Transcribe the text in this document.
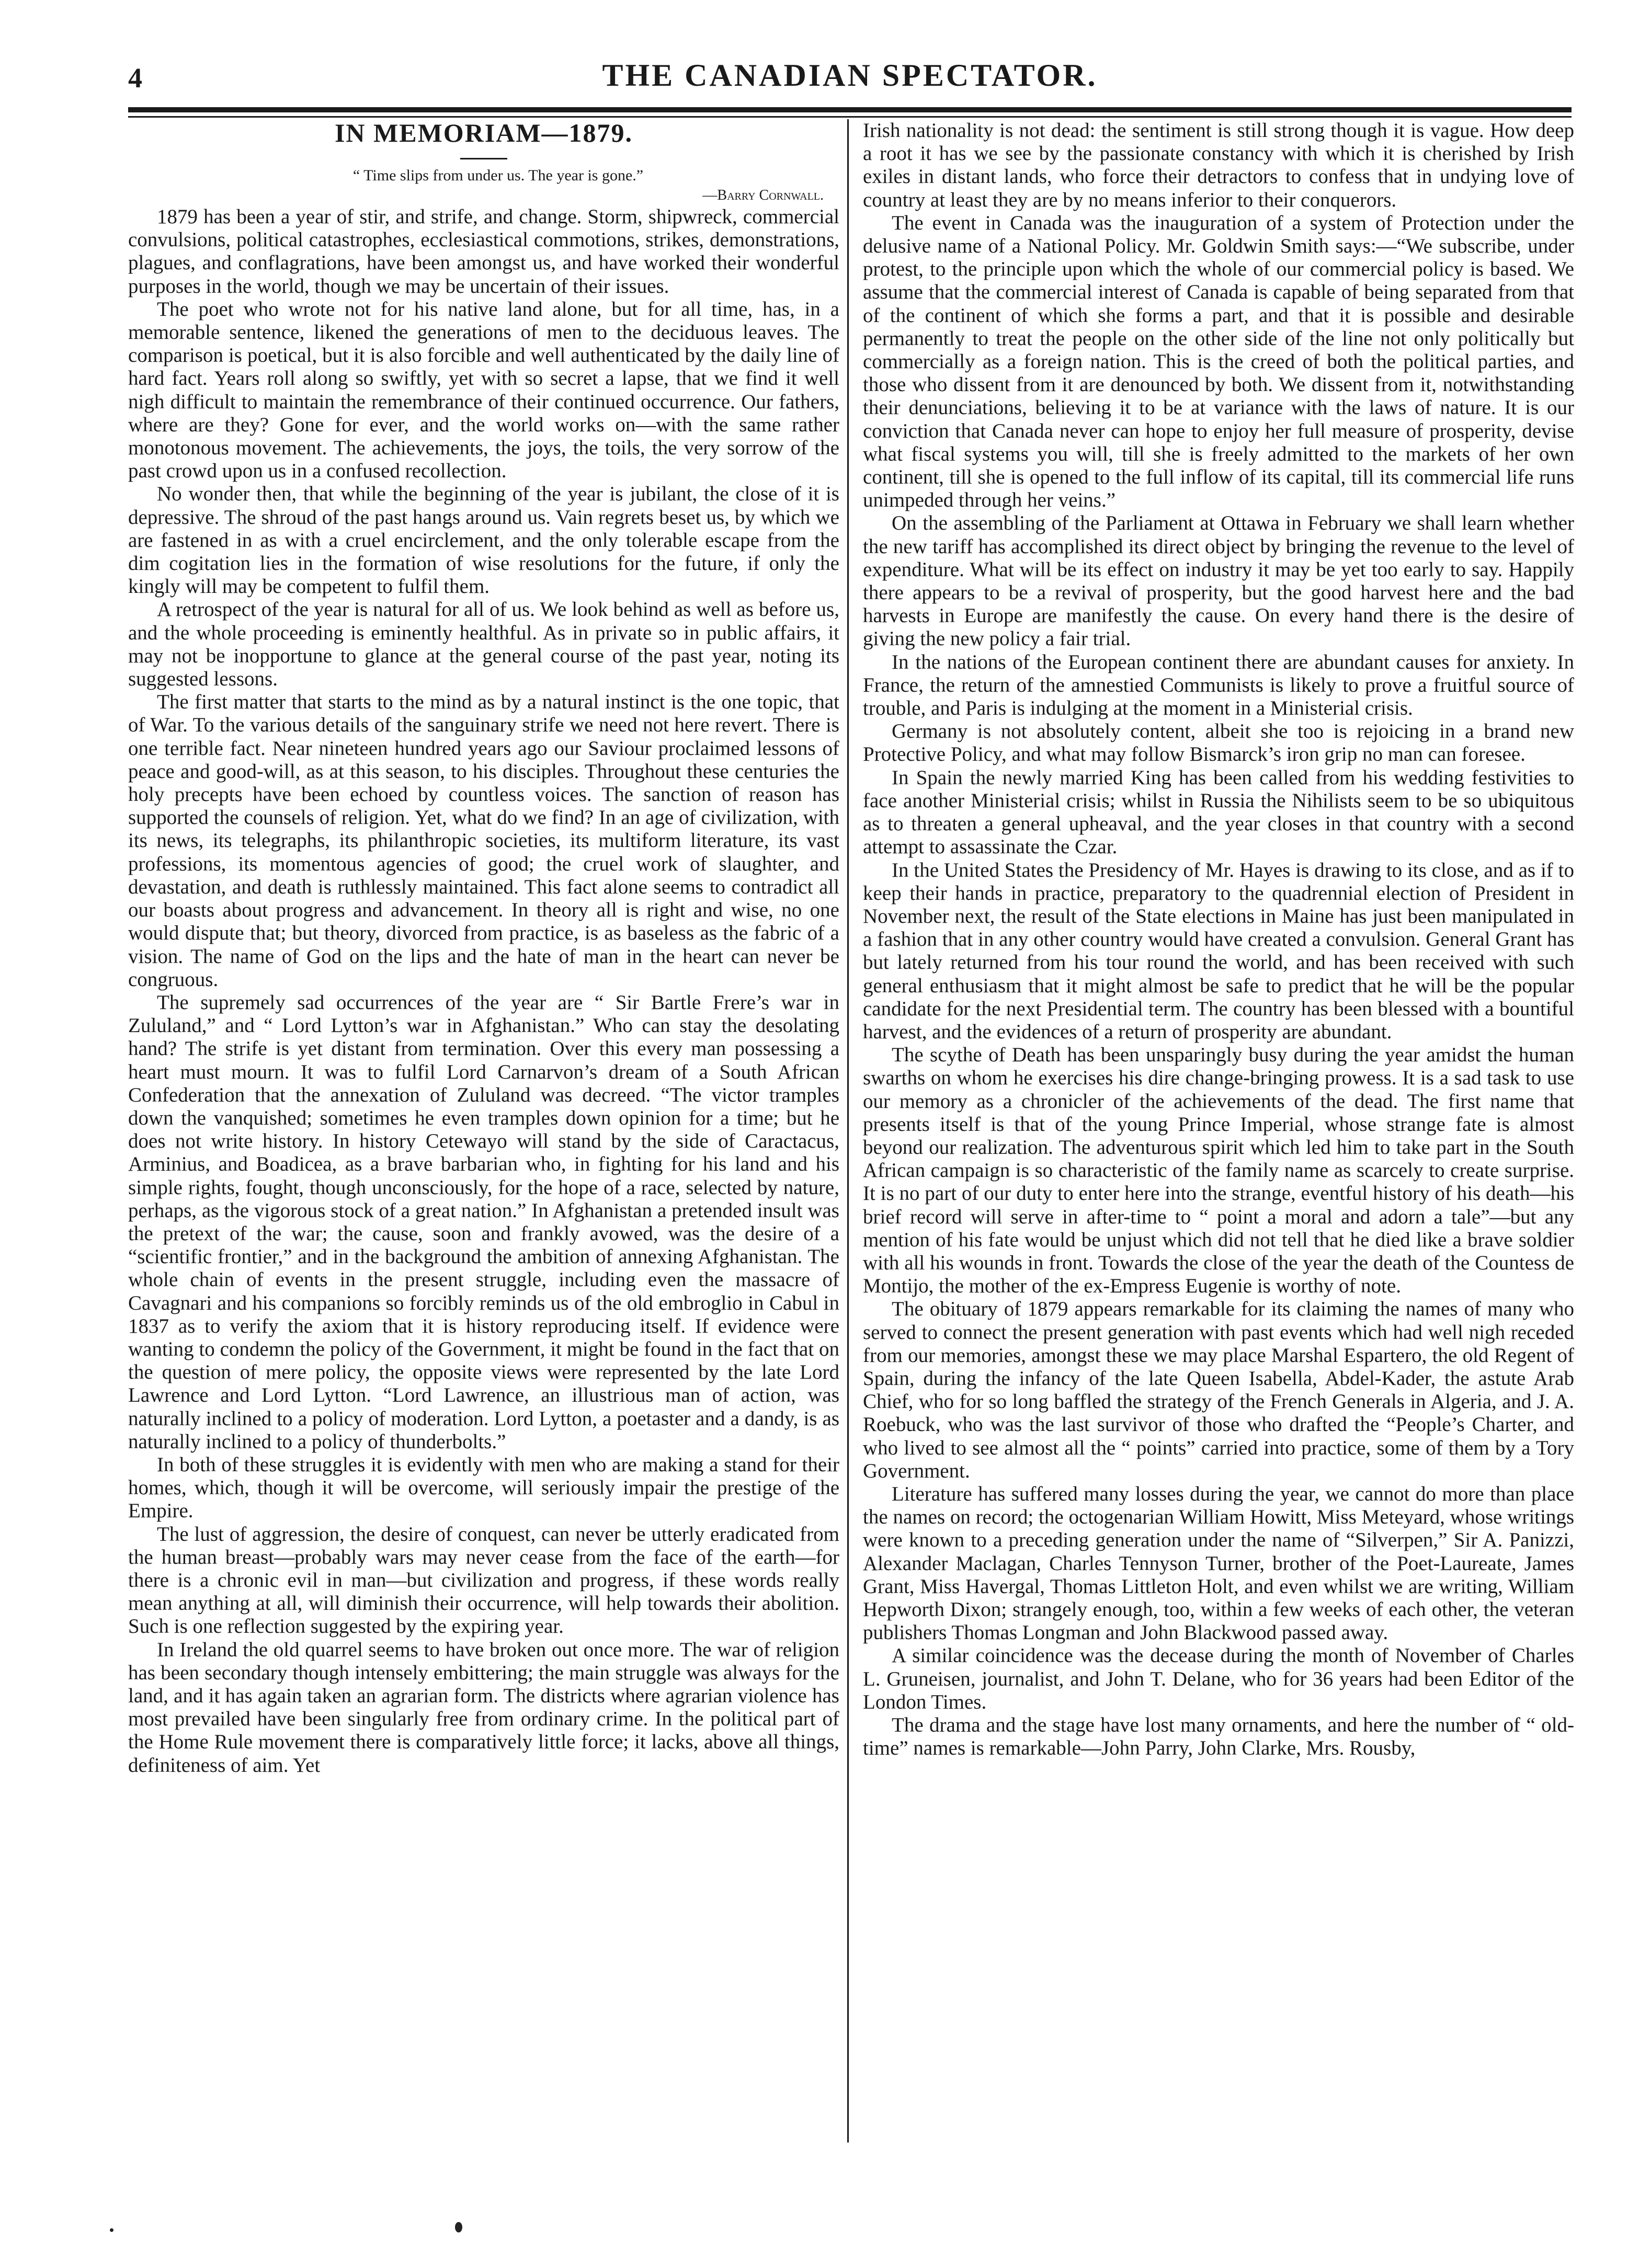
4	THE CANADIAN SPECTATOR.
IN MEMORIAM—1879.

“ Time slips from under us. The year is gone.”

—Barry Cornwall.

1879 has been a year of stir, and strife, and change. Storm, shipwreck, commercial convulsions, political catastrophes, ecclesiastical commotions, strikes, demonstrations, plagues, and conflagrations, have been amongst us, and have worked their wonderful purposes in the world, though we may be uncertain of their issues.

The poet who wrote not for his native land alone, but for all time, has, in a memorable sentence, likened the generations of men to the deciduous leaves. The comparison is poetical, but it is also forcible and well authenticated by the daily line of hard fact. Years roll along so swiftly, yet with so secret a lapse, that we find it well nigh difficult to maintain the remembrance of their continued occurrence. Our fathers, where are they? Gone for ever, and the world works on—with the same rather monotonous movement. The achievements, the joys, the toils, the very sorrow of the past crowd upon us in a confused recollection.

No wonder then, that while the beginning of the year is jubilant, the close of it is depressive. The shroud of the past hangs around us. Vain regrets beset us, by which we are fastened in as with a cruel encirclement, and the only tolerable escape from the dim cogitation lies in the formation of wise resolutions for the future, if only the kingly will may be competent to fulfil them.

A retrospect of the year is natural for all of us. We look behind as well as before us, and the whole proceeding is eminently healthful. As in private so in public affairs, it may not be inopportune to glance at the general course of the past year, noting its suggested lessons.

The first matter that starts to the mind as by a natural instinct is the one topic, that of War. To the various details of the sanguinary strife we need not here revert. There is one terrible fact. Near nineteen hundred years ago our Saviour proclaimed lessons of peace and good-will, as at this season, to his disciples. Throughout these centuries the holy precepts have been echoed by countless voices. The sanction of reason has supported the counsels of religion. Yet, what do we find? In an age of civilization, with its news, its telegraphs, its philanthropic societies, its multiform literature, its vast professions, its momentous agencies of good; the cruel work of slaughter, and devastation, and death is ruthlessly maintained. This fact alone seems to contradict all our boasts about progress and advancement. In theory all is right and wise, no one would dispute that; but theory, divorced from practice, is as baseless as the fabric of a vision. The name of God on the lips and the hate of man in the heart can never be congruous.

The supremely sad occurrences of the year are “ Sir Bartle Frere’s war in Zululand,” and “ Lord Lytton’s war in Afghanistan.” Who can stay the desolating hand? The strife is yet distant from termination. Over this every man possessing a heart must mourn. It was to fulfil Lord Carnarvon’s dream of a South African Confederation that the annexation of Zululand was decreed. “The victor tramples down the vanquished; sometimes he even tramples down opinion for a time; but he does not write history. In history Cetewayo will stand by the side of Caractacus, Arminius, and Boadicea, as a brave barbarian who, in fighting for his land and his simple rights, fought, though unconsciously, for the hope of a race, selected by nature, perhaps, as the vigorous stock of a great nation.” In Afghanistan a pretended insult was the pretext of the war; the cause, soon and frankly avowed, was the desire of a “scientific frontier,” and in the background the ambition of annexing Afghanistan. The whole chain of events in the present struggle, including even the massacre of Cavagnari and his companions so forcibly reminds us of the old embroglio in Cabul in 1837 as to verify the axiom that it is history reproducing itself. If evidence were wanting to condemn the policy of the Government, it might be found in the fact that on the question of mere policy, the opposite views were represented by the late Lord Lawrence and Lord Lytton. “Lord Lawrence, an illustrious man of action, was naturally inclined to a policy of moderation. Lord Lytton, a poetaster and a dandy, is as naturally inclined to a policy of thunderbolts.”

In both of these struggles it is evidently with men who are making a stand for their homes, which, though it will be overcome, will seriously impair the prestige of the Empire.

The lust of aggression, the desire of conquest, can never be utterly eradicated from the human breast—probably wars may never cease from the face of the earth—for there is a chronic evil in man—but civilization and progress, if these words really mean anything at all, will diminish their occurrence, will help towards their abolition. Such is one reflection suggested by the expiring year.

In Ireland the old quarrel seems to have broken out once more. The war of religion has been secondary though intensely embittering; the main struggle was always for the land, and it has again taken an agrarian form. The districts where agrarian violence has most prevailed have been singularly free from ordinary crime. In the political part of the Home Rule movement there is comparatively little force; it lacks, above all things, definiteness of aim. Yet

Irish nationality is not dead: the sentiment is still strong though it is vague. How deep a root it has we see by the passionate constancy with which it is cherished by Irish exiles in distant lands, who force their detractors to confess that in undying love of country at least they are by no means inferior to their conquerors.

The event in Canada was the inauguration of a system of Protection under the delusive name of a National Policy. Mr. Goldwin Smith says:—“We subscribe, under protest, to the principle upon which the whole of our commercial policy is based. We assume that the commercial interest of Canada is capable of being separated from that of the continent of which she forms a part, and that it is possible and desirable permanently to treat the people on the other side of the line not only politically but commercially as a foreign nation. This is the creed of both the political parties, and those who dissent from it are denounced by both. We dissent from it, notwithstanding their denunciations, believing it to be at variance with the laws of nature. It is our conviction that Canada never can hope to enjoy her full measure of prosperity, devise what fiscal systems you will, till she is freely admitted to the markets of her own continent, till she is opened to the full inflow of its capital, till its commercial life runs unimpeded through her veins.”

On the assembling of the Parliament at Ottawa in February we shall learn whether the new tariff has accomplished its direct object by bringing the revenue to the level of expenditure. What will be its effect on industry it may be yet too early to say. Happily there appears to be a revival of prosperity, but the good harvest here and the bad harvests in Europe are manifestly the cause. On every hand there is the desire of giving the new policy a fair trial.

In the nations of the European continent there are abundant causes for anxiety. In France, the return of the amnestied Communists is likely to prove a fruitful source of trouble, and Paris is indulging at the moment in a Ministerial crisis.

Germany is not absolutely content, albeit she too is rejoicing in a brand new Protective Policy, and what may follow Bismarck’s iron grip no man can foresee.

In Spain the newly married King has been called from his wedding festivities to face another Ministerial crisis; whilst in Russia the Nihilists seem to be so ubiquitous as to threaten a general upheaval, and the year closes in that country with a second attempt to assassinate the Czar.

In the United States the Presidency of Mr. Hayes is drawing to its close, and as if to keep their hands in practice, preparatory to the quadrennial election of President in November next, the result of the State elections in Maine has just been manipulated in a fashion that in any other country would have created a convulsion. General Grant has but lately returned from his tour round the world, and has been received with such general enthusiasm that it might almost be safe to predict that he will be the popular candidate for the next Presidential term. The country has been blessed with a bountiful harvest, and the evidences of a return of prosperity are abundant.

The scythe of Death has been unsparingly busy during the year amidst the human swarths on whom he exercises his dire change-bringing prowess. It is a sad task to use our memory as a chronicler of the achievements of the dead. The first name that presents itself is that of the young Prince Imperial, whose strange fate is almost beyond our realization. The adventurous spirit which led him to take part in the South African campaign is so characteristic of the family name as scarcely to create surprise. It is no part of our duty to enter here into the strange, eventful history of his death—his brief record will serve in after-time to “ point a moral and adorn a tale”—but any mention of his fate would be unjust which did not tell that he died like a brave soldier with all his wounds in front. Towards the close of the year the death of the Countess de Montijo, the mother of the ex-Empress Eugenie is worthy of note.

The obituary of 1879 appears remarkable for its claiming the names of many who served to connect the present generation with past events which had well nigh receded from our memories, amongst these we may place Marshal Espartero, the old Regent of Spain, during the infancy of the late Queen Isabella, Abdel-Kader, the astute Arab Chief, who for so long baffled the strategy of the French Generals in Algeria, and J. A. Roebuck, who was the last survivor of those who drafted the “People’s Charter, and who lived to see almost all the “ points” carried into practice, some of them by a Tory Government.

Literature has suffered many losses during the year, we cannot do more than place the names on record; the octogenarian William Howitt, Miss Meteyard, whose writings were known to a preceding generation under the name of “Silverpen,” Sir A. Panizzi, Alexander Maclagan, Charles Tennyson Turner, brother of the Poet-Laureate, James Grant, Miss Havergal, Thomas Littleton Holt, and even whilst we are writing, William Hepworth Dixon; strangely enough, too, within a few weeks of each other, the veteran publishers Thomas Longman and John Blackwood passed away.

A similar coincidence was the decease during the month of November of Charles L. Gruneisen, journalist, and John T. Delane, who for 36 years had been Editor of the London Times.

The drama and the stage have lost many ornaments, and here the number of “ old-time” names is remarkable—John Parry, John Clarke, Mrs. Rousby,
